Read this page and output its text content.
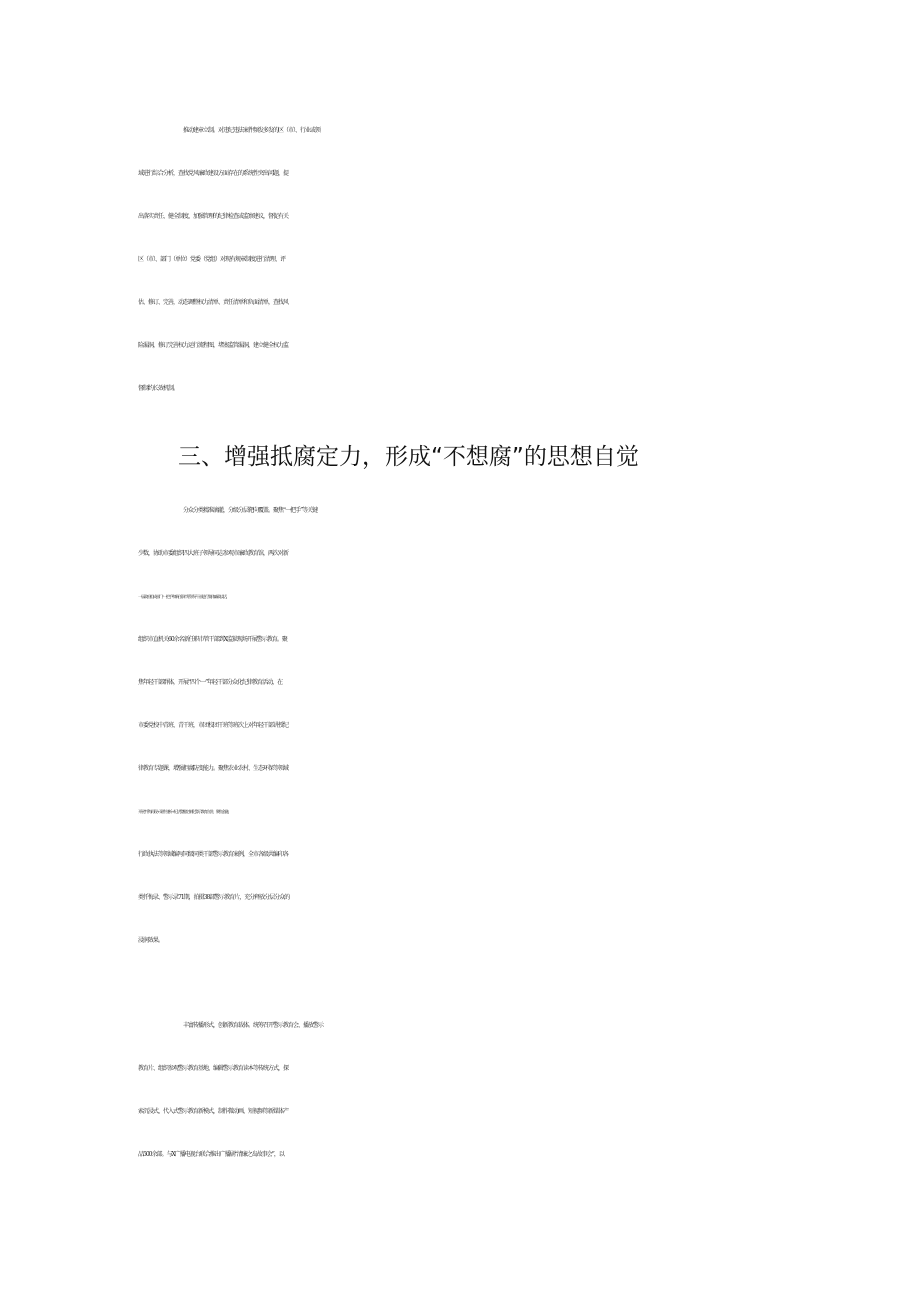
推动建章立制。对违纪违法案件频发多发的区（市）、行业或领
域进行综合分析，查找党风廉政建设方面存在的系统性突出问题，提
出落实责任、健全制度、加强管理的纪律检查或监察建议，督促有关
区（市）、部门（单位）党委（党组）对现有规章制度进行清理、评
估、修订、完善，动态调整权力清单、责任清单和负面清单，查找风
险漏洞，修订完善权力运行流程图，堵塞监管漏洞，建立健全权力监
督制约长效机制。
三、增强抵腐定力，形成“不想腐”的思想自觉
分众分类精准滴灌，分级分层靶向覆盖。聚焦“一把手”等关键
少数，协助市委组织四大班子领导同志参观市廉政教育馆，两次对新
一届政府组成部门"一把手''和新任职市管领导干部进行集体廉政谈话，
组织市直机关60余名新任职市管干部到X监狱现场开展警示教育。聚
焦年轻干部群体，开展“四个一”年轻干部分众化纪律教育活动，在
市委党校中青班、青干班，市团校团干班等班次上对年轻干部讲授纪
律教育专题课，增强拒腐防变能力。聚焦农业农村、生态环保等领域
开展“忏悔再现+案件剖析+纪法警醒定制化警示教育宣讲，聚焦金融、
行政执法等领域编写同级同类干部警示教育案例，全市各级共编印各
类忏悔录、警示录71期，拍摄38部警示教育片，充分释放分层分众的
浸润效果。
丰富传播形式，创新教育载体。统筹召开警示教育会、播放警示
教育片、组织参观警示教育基地、编辑警示教育读本等传统方式，探
索沉浸式、代入式警示教育新模式，制作微动画、短视频等新媒体产
品500余部。与X广播电视台联合推出广播剧“清廉之岛故事会”，以
